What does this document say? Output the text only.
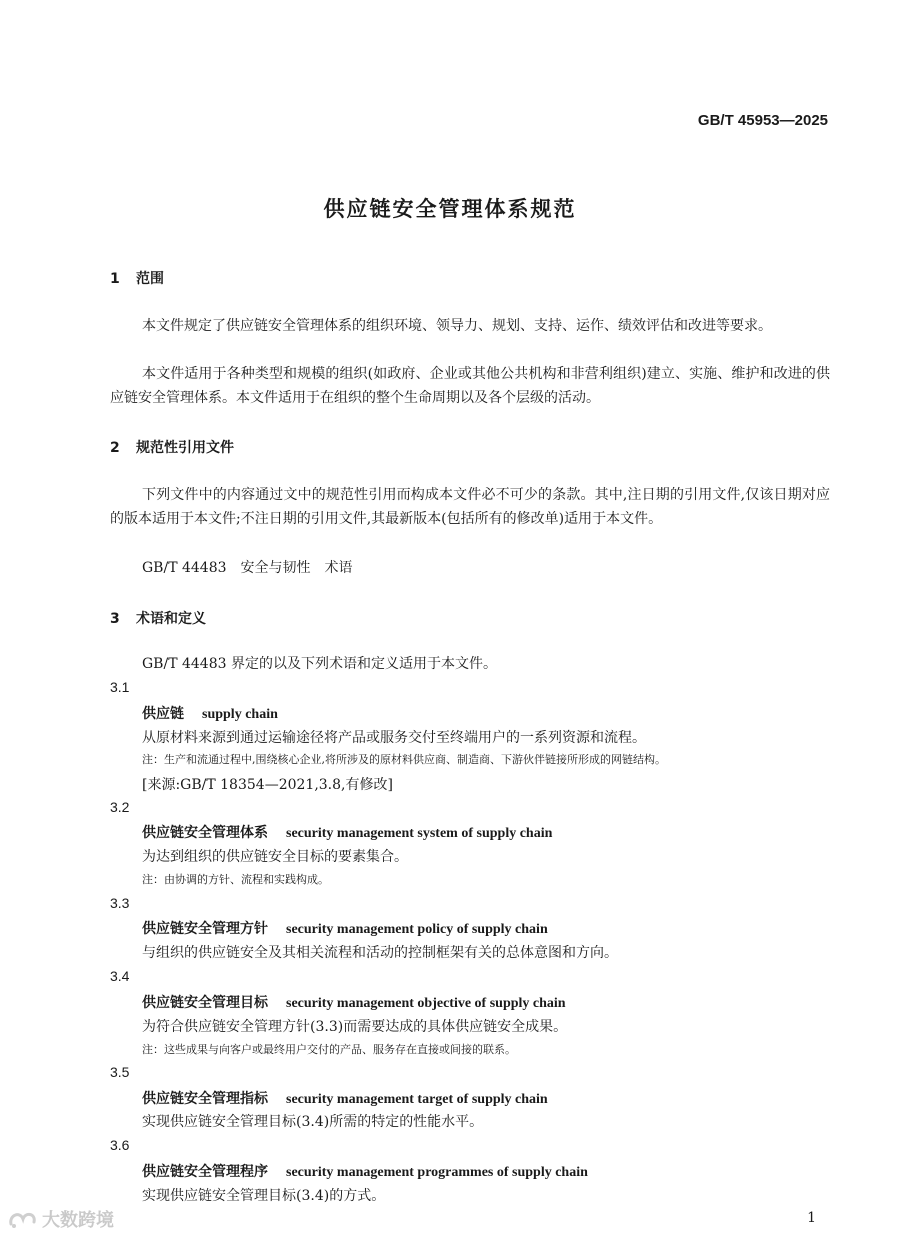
GB/T 45953—2025
供应链安全管理体系规范
1 范围
本文件规定了供应链安全管理体系的组织环境、领导力、规划、支持、运作、绩效评估和改进等要求。
本文件适用于各种类型和规模的组织(如政府、企业或其他公共机构和非营利组织)建立、实施、维护和改进的供应链安全管理体系。本文件适用于在组织的整个生命周期以及各个层级的活动。
2 规范性引用文件
下列文件中的内容通过文中的规范性引用而构成本文件必不可少的条款。其中,注日期的引用文件,仅该日期对应的版本适用于本文件;不注日期的引用文件,其最新版本(包括所有的修改单)适用于本文件。
GB/T 44483　安全与韧性　术语
3 术语和定义
GB/T 44483 界定的以及下列术语和定义适用于本文件。
3.1
供应链 supply chain
从原材料来源到通过运输途径将产品或服务交付至终端用户的一系列资源和流程。
注：生产和流通过程中,围绕核心企业,将所涉及的原材料供应商、制造商、下游伙伴链接所形成的网链结构。
[来源:GB/T 18354—2021,3.8,有修改]
3.2
供应链安全管理体系 security management system of supply chain
为达到组织的供应链安全目标的要素集合。
注：由协调的方针、流程和实践构成。
3.3
供应链安全管理方针 security management policy of supply chain
与组织的供应链安全及其相关流程和活动的控制框架有关的总体意图和方向。
3.4
供应链安全管理目标 security management objective of supply chain
为符合供应链安全管理方针(3.3)而需要达成的具体供应链安全成果。
注：这些成果与向客户或最终用户交付的产品、服务存在直接或间接的联系。
3.5
供应链安全管理指标 security management target of supply chain
实现供应链安全管理目标(3.4)所需的特定的性能水平。
3.6
供应链安全管理程序 security management programmes of supply chain
实现供应链安全管理目标(3.4)的方式。
1
大数跨境
